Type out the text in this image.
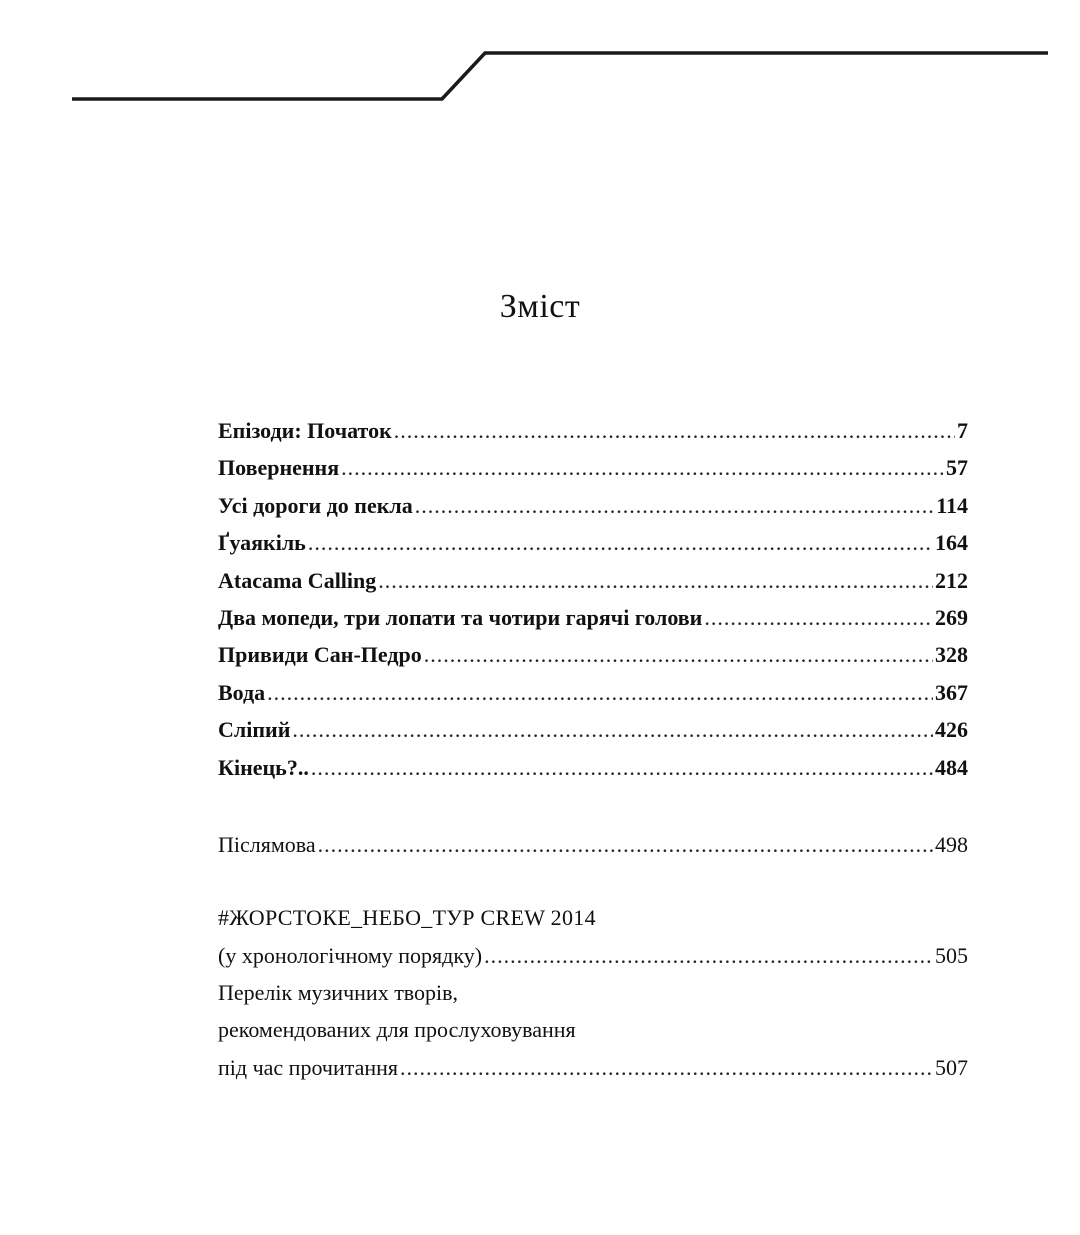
Зміст
Епізоди: Початок .....	7
Повернення .....	57
Усі дороги до пекла .....	114
Ґуаякіль .....	164
Atacama Calling .....	212
Два мопеди, три лопати та чотири гарячі голови .....	269
Привиди Сан-Педро .....	328
Вода .....	367
Сліпий .....	426
Кінець?.. .....	484
Післямова .....	498
#ЖОРСТОКЕ_НЕБО_ТУР CREW 2014
(у хронологічному порядку) .....	505
Перелік музичних творів,
рекомендованих для прослуховування
під час прочитання .....	507
